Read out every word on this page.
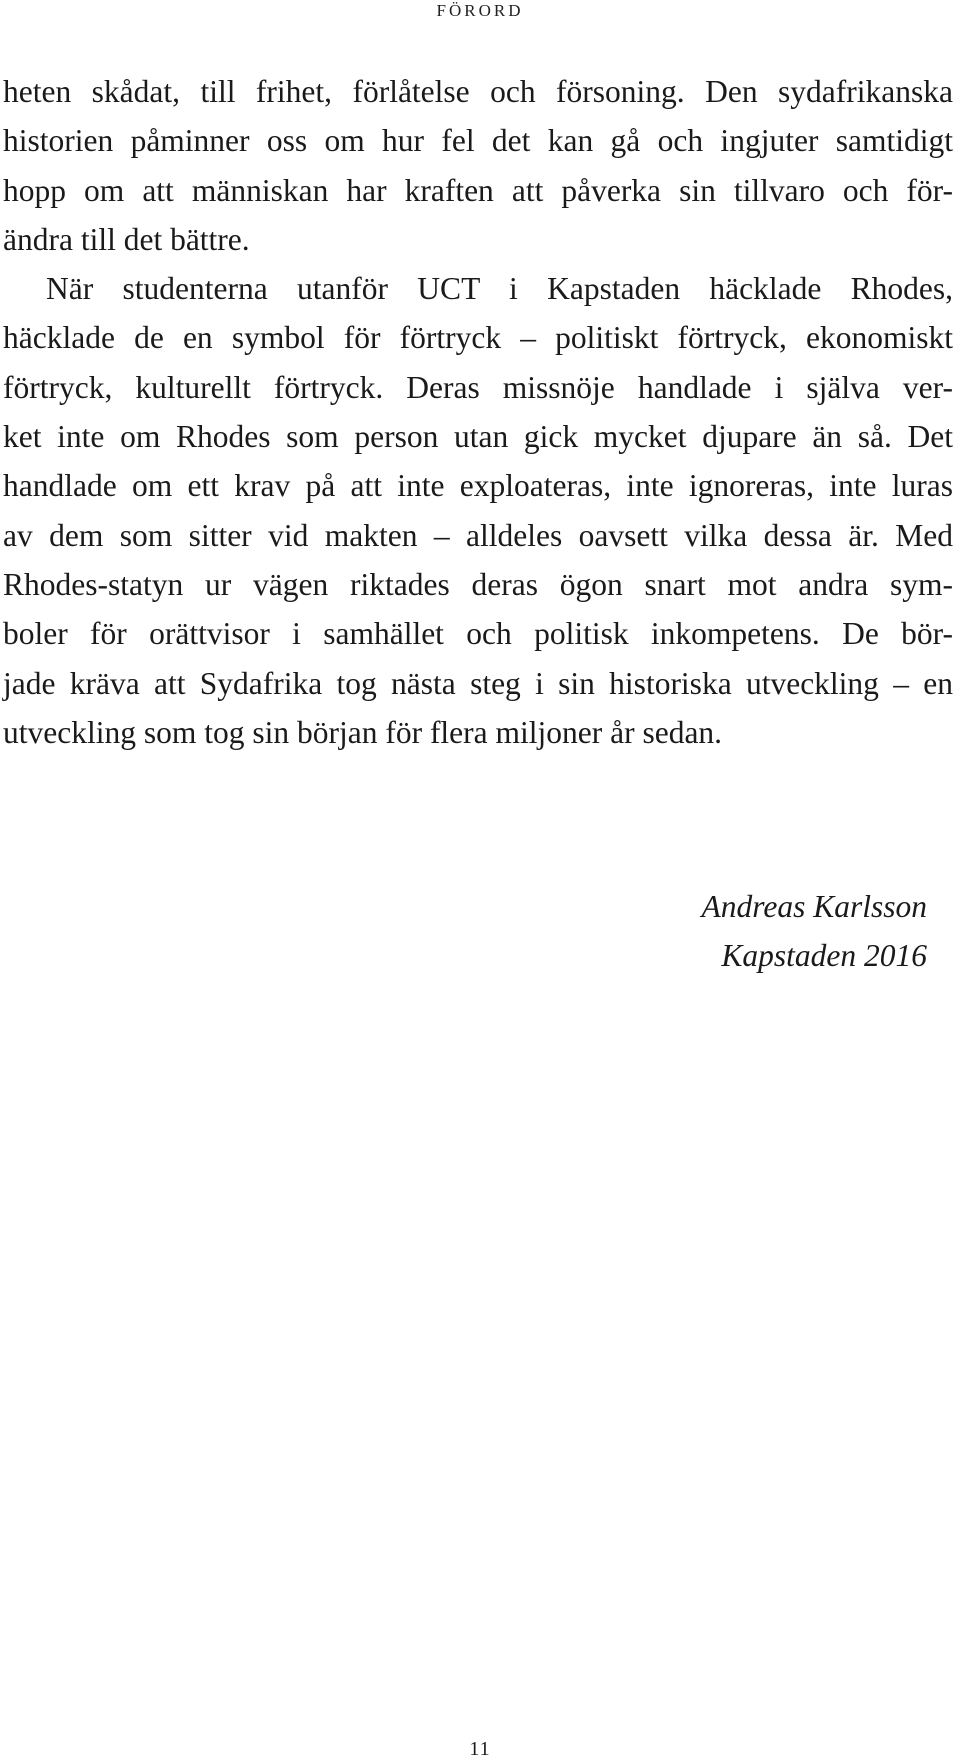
FÖRORD
heten skådat, till frihet, förlåtelse och försoning. Den sydafrikanska
historien påminner oss om hur fel det kan gå och ingjuter samtidigt
hopp om att människan har kraften att påverka sin tillvaro och för-
ändra till det bättre.
När studenterna utanför UCT i Kapstaden häcklade Rhodes,
häcklade de en symbol för förtryck – politiskt förtryck, ekonomiskt
förtryck, kulturellt förtryck. Deras missnöje handlade i själva ver-
ket inte om Rhodes som person utan gick mycket djupare än så. Det
handlade om ett krav på att inte exploateras, inte ignoreras, inte luras
av dem som sitter vid makten – alldeles oavsett vilka dessa är. Med
Rhodes-statyn ur vägen riktades deras ögon snart mot andra sym-
boler för orättvisor i samhället och politisk inkompetens. De bör-
jade kräva att Sydafrika tog nästa steg i sin historiska utveckling – en
utveckling som tog sin början för flera miljoner år sedan.
Andreas Karlsson
Kapstaden 2016
11
